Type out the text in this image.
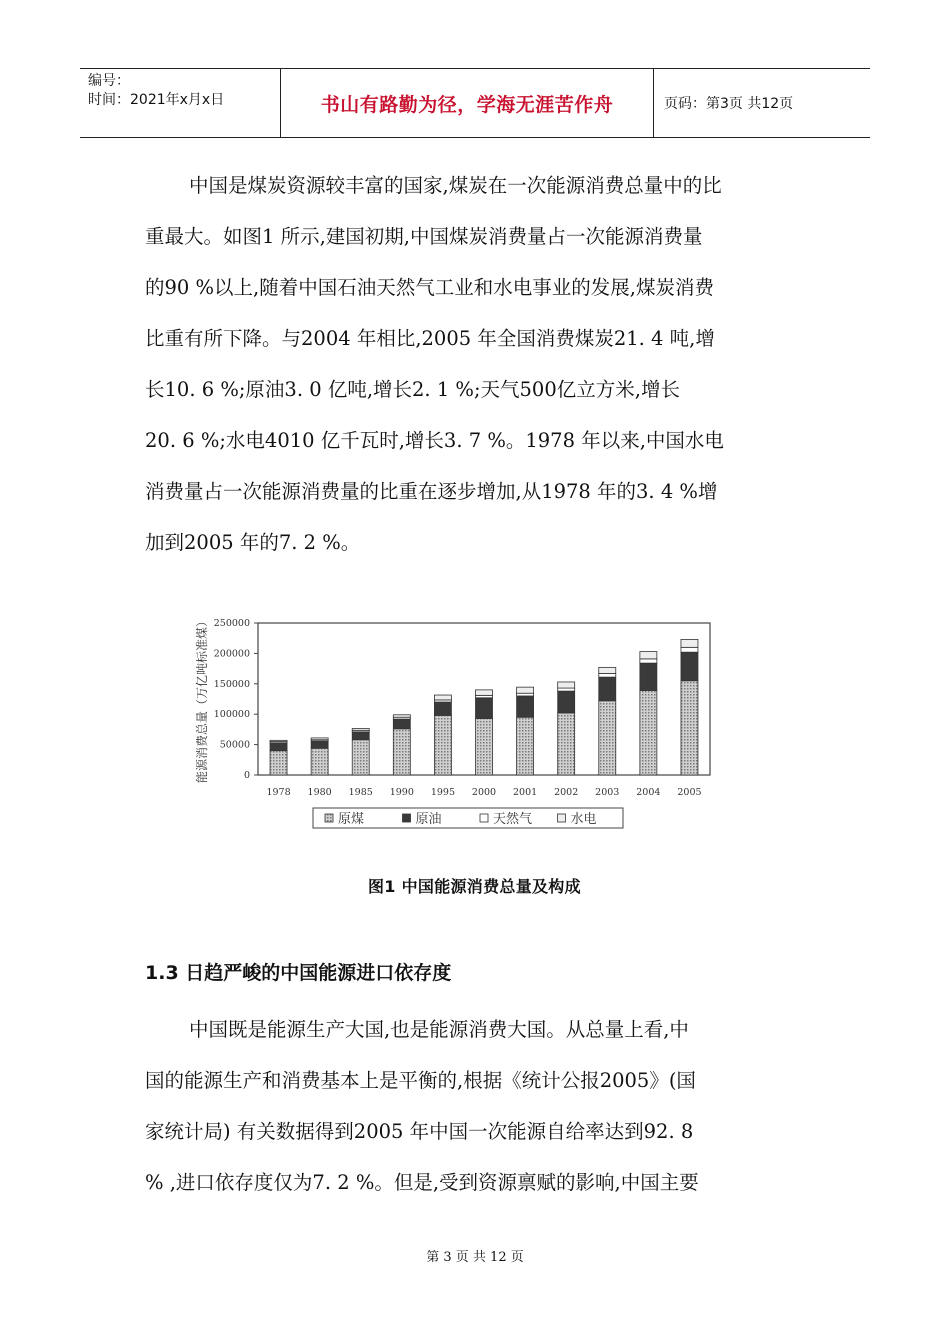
编号：
时间：2021年x月x日	书山有路勤为径，学海无涯苦作舟	页码：第3页 共12页

中国是煤炭资源较丰富的国家,煤炭在一次能源消费总量中的比
重最大。如图1 所示,建国初期,中国煤炭消费量占一次能源消费量
的90 %以上,随着中国石油天然气工业和水电事业的发展,煤炭消费
比重有所下降。与2004 年相比,2005 年全国消费煤炭21. 4 吨,增
长10. 6 %;原油3. 0 亿吨,增长2. 1 %;天气500亿立方米,增长
20. 6 %;水电4010 亿千瓦时,增长3. 7 %。1978 年以来,中国水电
消费量占一次能源消费量的比重在逐步增加,从1978 年的3. 4 %增
加到2005 年的7. 2 %。

0
50000
100000
150000
200000
250000
能源消费总量（万亿吨标准煤）
1978 1980 1985 1990 1995 2000 2001 2002 2003 2004 2005
原煤	原油	天然气	水电
图1 中国能源消费总量及构成
1.3 日趋严峻的中国能源进口依存度

中国既是能源生产大国,也是能源消费大国。从总量上看,中
国的能源生产和消费基本上是平衡的,根据《统计公报2005》(国
家统计局) 有关数据得到2005 年中国一次能源自给率达到92. 8
% ,进口依存度仅为7. 2 %。但是,受到资源禀赋的影响,中国主要

第 3 页 共 12 页
